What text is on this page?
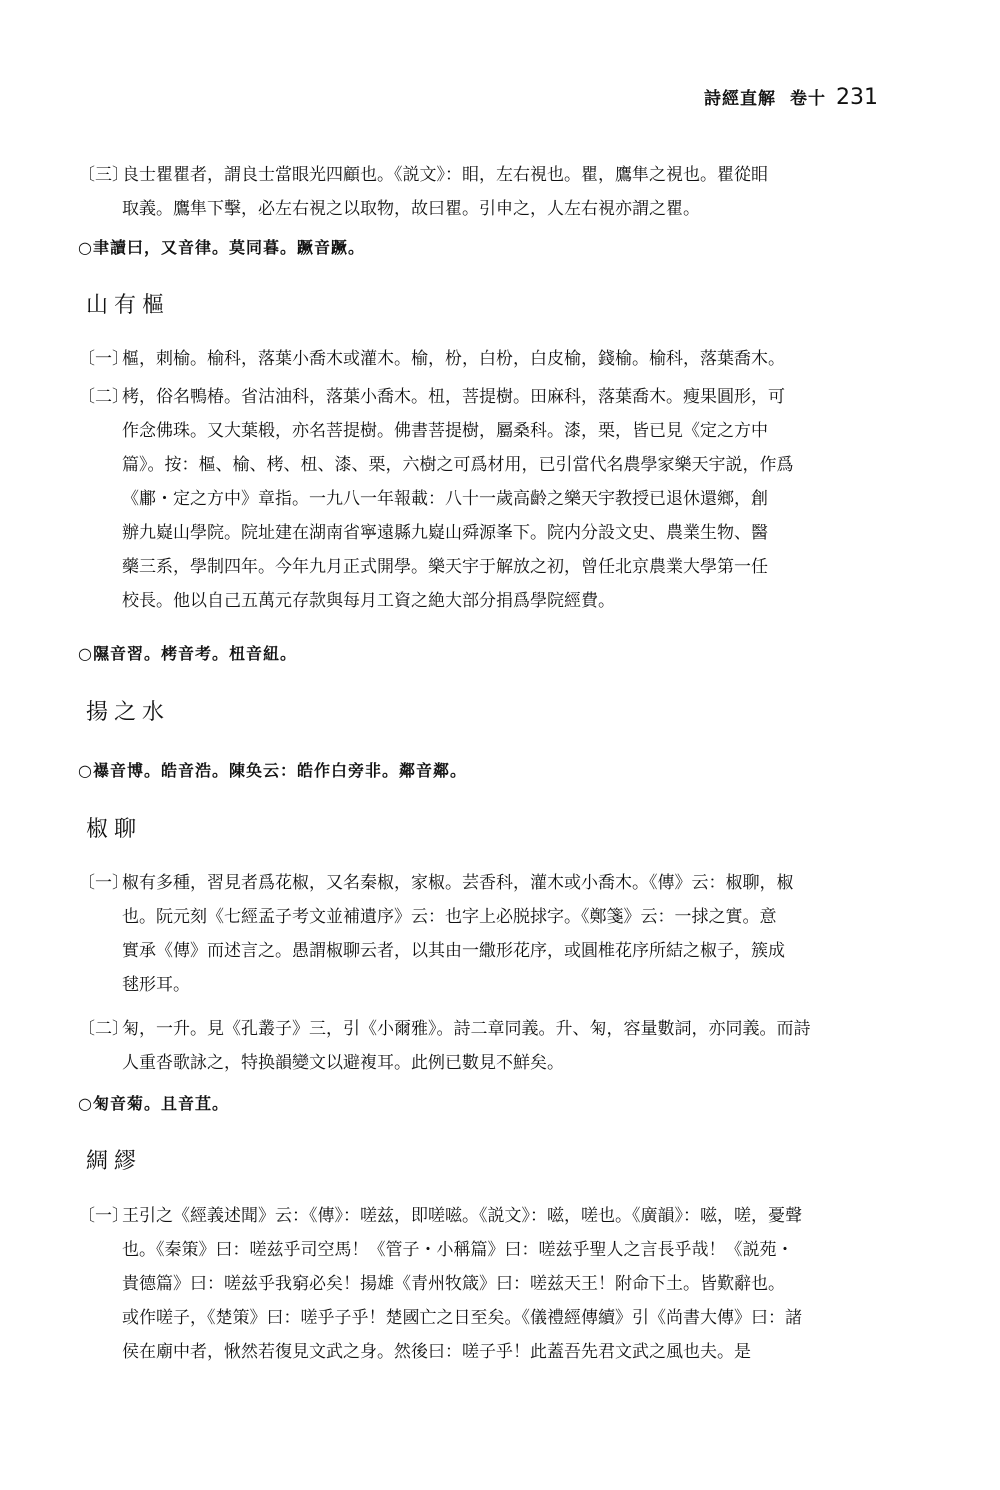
詩經直解 卷十 231
〔三〕良士瞿瞿者，謂良士當眼光四顧也。《説文》：䀠，左右視也。瞿，鷹隼之視也。瞿從䀠
取義。鷹隼下擊，必左右視之以取物，故曰瞿。引申之，人左右視亦謂之瞿。
○聿讀曰，又音律。莫同暮。蹶音蹶。
山有樞
〔一〕樞，刺榆。榆科，落葉小喬木或灌木。榆，枌，白枌，白皮榆，錢榆。榆科，落葉喬木。
〔二〕栲，俗名鴨椿。省沽油科，落葉小喬木。杻，菩提樹。田麻科，落葉喬木。瘦果圓形，可
作念佛珠。又大葉椴，亦名菩提樹。佛書菩提樹，屬桑科。漆，栗，皆已見《定之方中
篇》。按：樞、榆、栲、杻、漆、栗，六樹之可爲材用，已引當代名農學家樂天宇説，作爲
《鄘・定之方中》章指。一九八一年報載：八十一歲高齡之樂天宇教授已退休還鄉，創
辦九嶷山學院。院址建在湖南省寧遠縣九嶷山舜源峯下。院内分設文史、農業生物、醫
藥三系，學制四年。今年九月正式開學。樂天宇于解放之初，曾任北京農業大學第一任
校長。他以自己五萬元存款與每月工資之絶大部分捐爲學院經費。
○隰音習。栲音考。杻音紐。
揚之水
○襮音博。皓音浩。陳奂云：皓作白旁非。鄰音鄰。
椒聊
〔一〕椒有多種，習見者爲花椒，又名秦椒，家椒。芸香科，灌木或小喬木。《傳》云：椒聊，椒
也。阮元刻《七經孟子考文並補遺序》云：也字上必脱捄字。《鄭箋》云：一捄之實。意
實承《傳》而述言之。愚謂椒聊云者，以其由一繖形花序，或圓椎花序所結之椒子，簇成
毬形耳。
〔二〕匊，一升。見《孔叢子》三，引《小爾雅》。詩二章同義。升、匊，容量數詞，亦同義。而詩
人重沓歌詠之，特换韻變文以避複耳。此例已數見不鮮矣。
○匊音菊。且音苴。
綢繆
〔一〕王引之《經義述聞》云：《傳》：嗟兹，即嗟嗞。《説文》：嗞，嗟也。《廣韻》：嗞，嗟，憂聲
也。《秦策》曰：嗟兹乎司空馬！《管子・小稱篇》曰：嗟兹乎聖人之言長乎哉！《説苑・
貴德篇》曰：嗟兹乎我窮必矣！揚雄《青州牧箴》曰：嗟兹天王！附命下土。皆歎辭也。
或作嗟子，《楚策》曰：嗟乎子乎！楚國亡之日至矣。《儀禮經傳續》引《尚書大傳》曰：諸
侯在廟中者，愀然若復見文武之身。然後曰：嗟子乎！此蓋吾先君文武之風也夫。是
